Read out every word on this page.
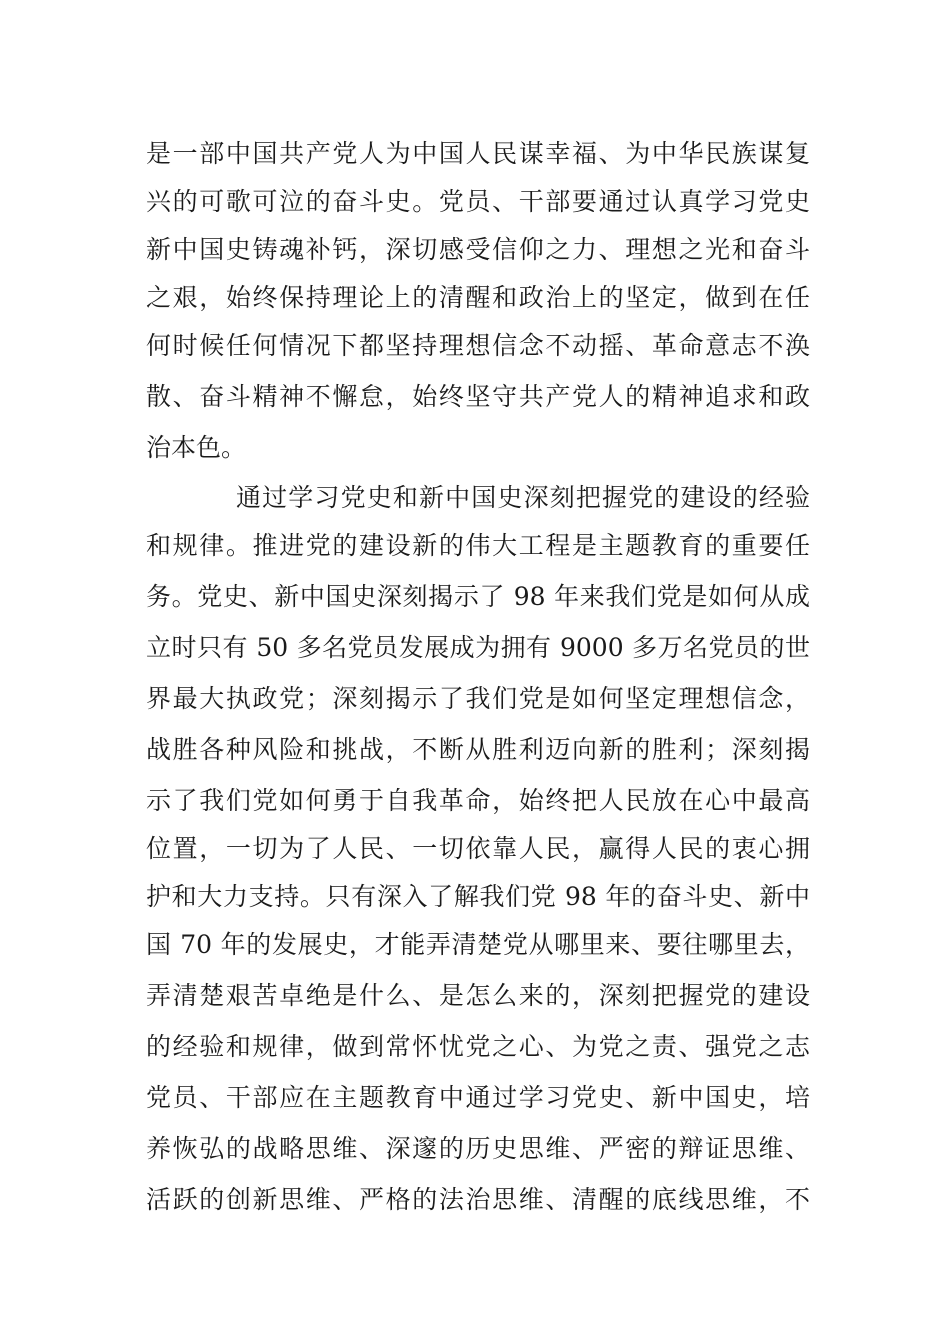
是一部中国共产党人为中国人民谋幸福、为中华民族谋复
兴的可歌可泣的奋斗史。党员、干部要通过认真学习党史
新中国史铸魂补钙，深切感受信仰之力、理想之光和奋斗
之艰，始终保持理论上的清醒和政治上的坚定，做到在任
何时候任何情况下都坚持理想信念不动摇、革命意志不涣
散、奋斗精神不懈怠，始终坚守共产党人的精神追求和政
治本色。
通过学习党史和新中国史深刻把握党的建设的经验
和规律。推进党的建设新的伟大工程是主题教育的重要任
务。党史、新中国史深刻揭示了 98 年来我们党是如何从成
立时只有 50 多名党员发展成为拥有 9000 多万名党员的世
界最大执政党；深刻揭示了我们党是如何坚定理想信念，
战胜各种风险和挑战，不断从胜利迈向新的胜利；深刻揭
示了我们党如何勇于自我革命，始终把人民放在心中最高
位置，一切为了人民、一切依靠人民，赢得人民的衷心拥
护和大力支持。只有深入了解我们党 98 年的奋斗史、新中
国 70 年的发展史，才能弄清楚党从哪里来、要往哪里去，
弄清楚艰苦卓绝是什么、是怎么来的，深刻把握党的建设
的经验和规律，做到常怀忧党之心、为党之责、强党之志
党员、干部应在主题教育中通过学习党史、新中国史，培
养恢弘的战略思维、深邃的历史思维、严密的辩证思维、
活跃的创新思维、严格的法治思维、清醒的底线思维，不
